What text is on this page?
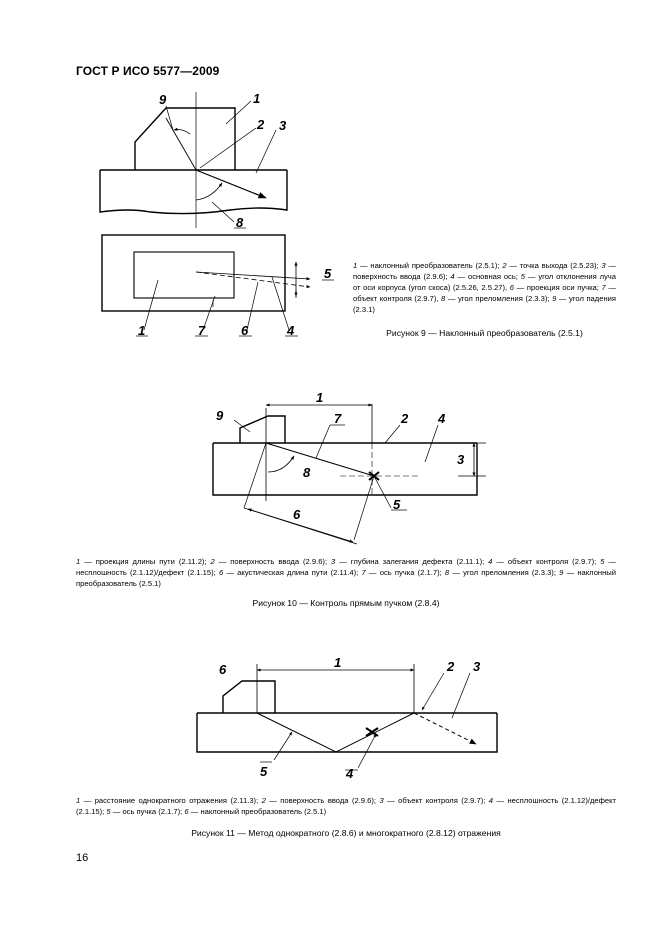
ГОСТ Р ИСО 5577—2009
9	1
2 3
8
5
1	7	6	4
1
7	2 4
9
3
8
5
6
1
6	2 3
5	4
1 — наклонный преобразователь (2.5.1); 2 — точка выхода (2.5.23); 3 — поверхность ввода (2.9.6); 4 — основная ось; 5 — угол отклонения луча от оси корпуса (угол скоса) (2.5.26, 2.5.27), 6 — проекция оси пучка; 7 — объект контроля (2.9.7), 8 — угол преломления (2.3.3); 9 — угол падения (2.3.1)
Рисунок 9 — Наклонный преобразователь (2.5.1)
1 — проекция длины пути (2.11.2); 2 — поверхность ввода (2.9.6); 3 — глубина залегания дефекта (2.11.1); 4 — объект контроля (2.9.7); 5 — несплошность (2.1.12)/дефект (2.1.15); 6 — акустическая длина пути (2.11.4); 7 — ось пучка (2.1.7); 8 — угол преломления (2.3.3); 9 — наклонный преобразователь (2.5.1)
Рисунок 10 — Контроль прямым пучком (2.8.4)
1 — расстояние однократного отражения (2.11.3); 2 — поверхность ввода (2.9.6); 3 — объект контроля (2.9.7); 4 — несплошность (2.1.12)/дефект (2.1.15); 5 — ось пучка (2.1.7); 6 — наклонный преобразователь (2.5.1)
Рисунок 11 — Метод однократного (2.8.6) и многократного (2.8.12) отражения
16
